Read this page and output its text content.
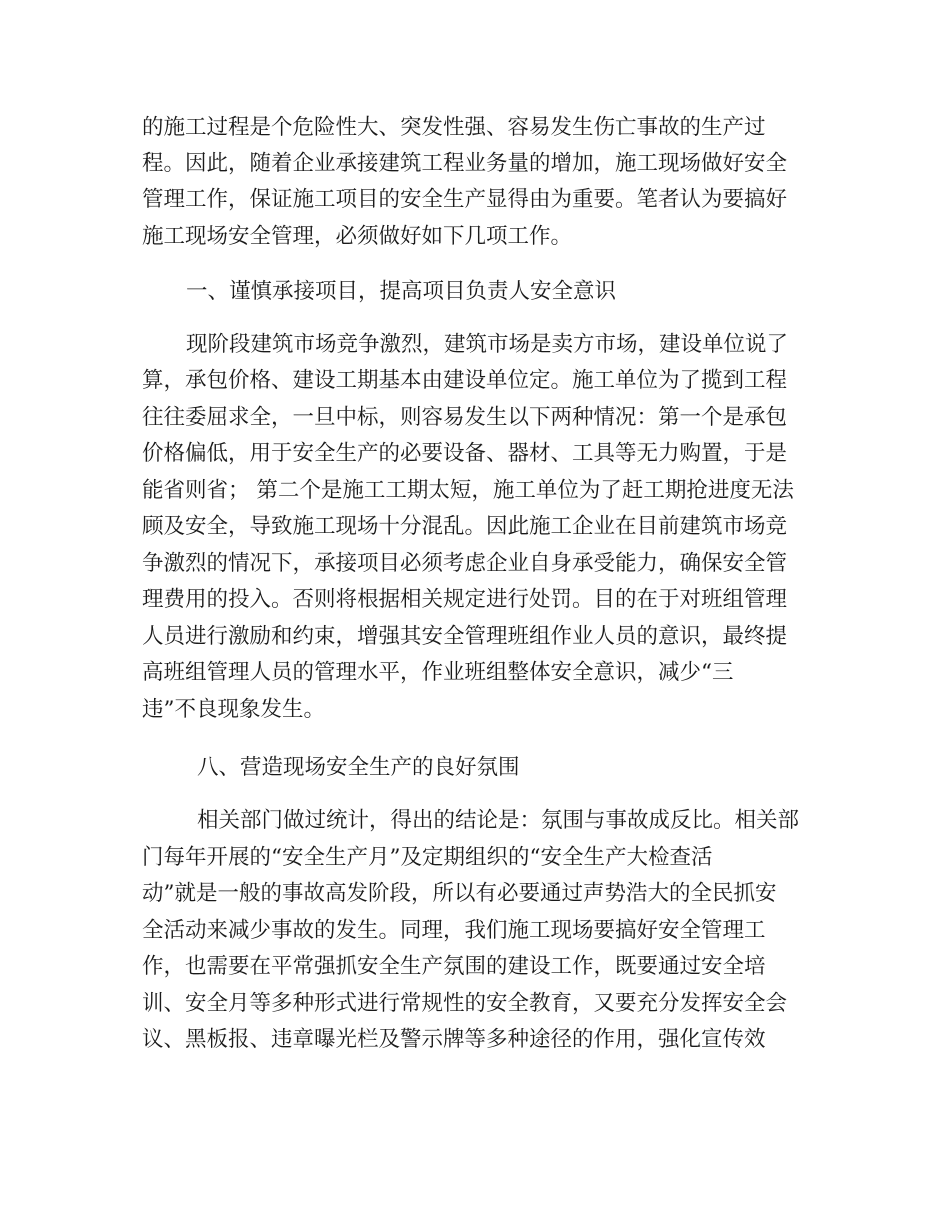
的施工过程是个危险性大、突发性强、容易发生伤亡事故的生产过
程。因此，随着企业承接建筑工程业务量的增加，施工现场做好安全
管理工作，保证施工项目的安全生产显得由为重要。笔者认为要搞好
施工现场安全管理，必须做好如下几项工作。
一、谨慎承接项目，提高项目负责人安全意识
现阶段建筑市场竞争激烈，建筑市场是卖方市场，建设单位说了
算，承包价格、建设工期基本由建设单位定。施工单位为了揽到工程
往往委屈求全，一旦中标，则容易发生以下两种情况：第一个是承包
价格偏低，用于安全生产的必要设备、器材、工具等无力购置，于是
能省则省； 第二个是施工工期太短，施工单位为了赶工期抢进度无法
顾及安全，导致施工现场十分混乱。因此施工企业在目前建筑市场竞
争激烈的情况下，承接项目必须考虑企业自身承受能力，确保安全管
理费用的投入。否则将根据相关规定进行处罚。目的在于对班组管理
人员进行激励和约束，增强其安全管理班组作业人员的意识，最终提
高班组管理人员的管理水平，作业班组整体安全意识，减少“三
违”不良现象发生。
八、营造现场安全生产的良好氛围
相关部门做过统计，得出的结论是：氛围与事故成反比。相关部
门每年开展的“安全生产月”及定期组织的“安全生产大检查活
动”就是一般的事故高发阶段，所以有必要通过声势浩大的全民抓安
全活动来减少事故的发生。同理，我们施工现场要搞好安全管理工
作，也需要在平常强抓安全生产氛围的建设工作，既要通过安全培
训、安全月等多种形式进行常规性的安全教育，又要充分发挥安全会
议、黑板报、违章曝光栏及警示牌等多种途径的作用，强化宣传效
